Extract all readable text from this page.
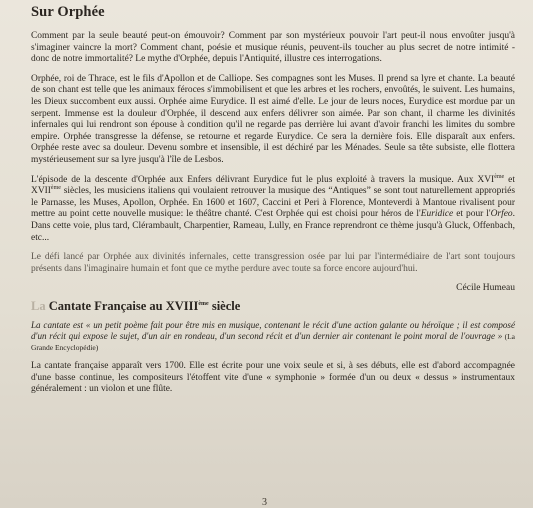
Sur Orphée

Comment par la seule beauté peut-on émouvoir? Comment par son mystérieux pouvoir l'art peut-il nous envoûter jusqu'à s'imaginer vaincre la mort? Comment chant, poésie et musique réunis, peuvent-ils toucher au plus secret de notre intimité - donc de notre immortalité? Le mythe d'Orphée, depuis l'Antiquité, illustre ces interrogations.

Orphée, roi de Thrace, est le fils d'Apollon et de Calliope. Ses compagnes sont les Muses. Il prend sa lyre et chante. La beauté de son chant est telle que les animaux féroces s'immobilisent et que les arbres et les rochers, envoûtés, le suivent. Les humains, les Dieux succombent eux aussi. Orphée aime Eurydice. Il est aimé d'elle. Le jour de leurs noces, Eurydice est mordue par un serpent. Immense est la douleur d'Orphée, il descend aux enfers délivrer son aimée. Par son chant, il charme les divinités infernales qui lui rendront son épouse à condition qu'il ne regarde pas derrière lui avant d'avoir franchi les limites du sombre empire. Orphée transgresse la défense, se retourne et regarde Eurydice. Ce sera la dernière fois. Elle disparaît aux enfers. Orphée reste avec sa douleur. Devenu sombre et insensible, il est déchiré par les Ménades. Seule sa tête subsiste, elle flottera mystérieusement sur sa lyre jusqu'à l'île de Lesbos.

L'épisode de la descente d'Orphée aux Enfers délivrant Eurydice fut le plus exploité à travers la musique. Aux XVIème et XVIIème siècles, les musiciens italiens qui voulaient retrouver la musique des “Antiques” se sont tout naturellement appropriés le Parnasse, les Muses, Apollon, Orphée. En 1600 et 1607, Caccini et Peri à Florence, Monteverdi à Mantoue rivalisent pour mettre au point cette nouvelle musique: le théâtre chanté. C'est Orphée qui est choisi pour héros de l'Euridice et pour l'Orfeo. Dans cette voie, plus tard, Clérambault, Charpentier, Rameau, Lully, en France reprendront ce thème jusqu'à Gluck, Offenbach, etc...

Le défi lancé par Orphée aux divinités infernales, cette transgression osée par lui par l'intermédiaire de l'art sont toujours présents dans l'imaginaire humain et font que ce mythe perdure avec toute sa force encore aujourd'hui.

Cécile Humeau
La Cantate Française au XVIIIème siècle

La cantate est « un petit poème fait pour être mis en musique, contenant le récit d'une action galante ou héroïque ; il est composé d'un récit qui expose le sujet, d'un air en rondeau, d'un second récit et d'un dernier air contenant le point moral de l'ouvrage » (La Grande Encyclopédie)

La cantate française apparaît vers 1700. Elle est écrite pour une voix seule et si, à ses débuts, elle est d'abord accompagnée d'une basse continue, les compositeurs l'étoffent vite d'une « symphonie » formée d'un ou deux « dessus » instrumentaux généralement : un violon et une flûte.

3
